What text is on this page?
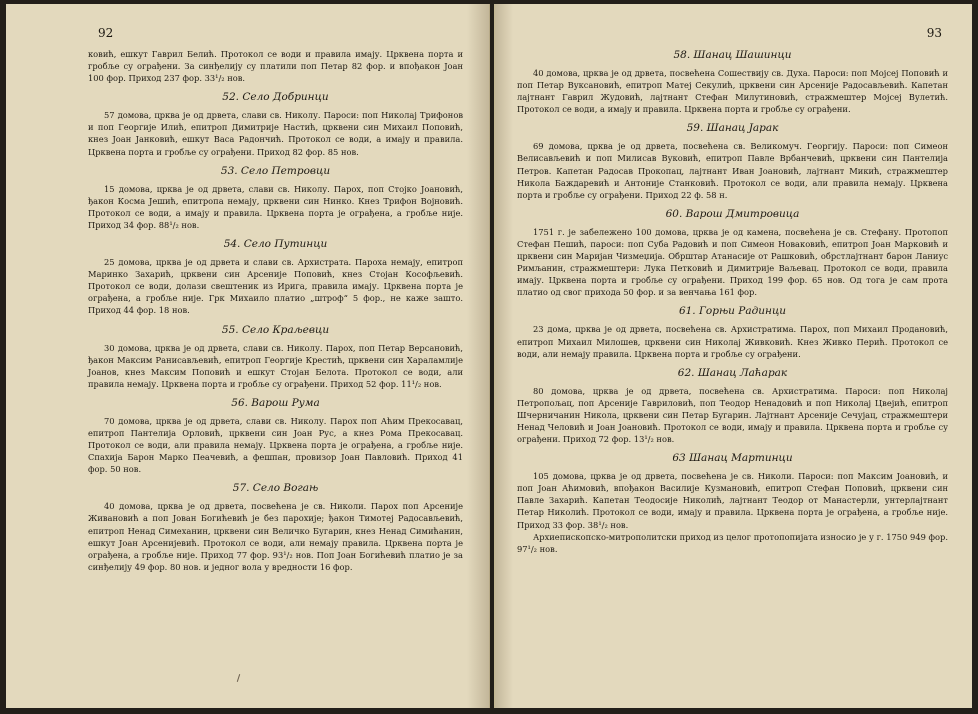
92

ковић, ешкут Гаврил Белић. Протокол се води и правила имају. Црквена порта и гробље су ограђени. За синђелију су платили поп Петар 82 фор. и впођакон Јоан 100 фор. Приход 237 фор. 33¹/₂ нов.

52. Село Добринци

57 домова, црква је од дрвета, слави св. Николу. Пароси: поп Николај Трифонов и поп Георгије Илић, епитроп Димитрије Настић, црквени син Михаил Поповић, кнез Јоан Јанковић, ешкут Васа Радончић. Протокол се води, а имају и правила. Црквена порта и гробље су ограђени. Приход 82 фор. 85 нов.

53. Село Петровци

15 домова, црква је од дрвета, слави св. Николу. Парох, поп Стојко Јоановић, ђакон Косма Јешић, епитропа немају, црквени син Нинко. Кнез Трифон Војновић. Протокол се води, а имају и правила. Црквена порта је ограђена, а гробље није. Приход 34 фор. 88¹/₂ нов.

54. Село Путинци

25 домова, црква је од дрвета и слави св. Архистрата. Пароха немају, епитроп Маринко Захарић, црквени син Арсеније Поповић, кнез Стојан Кософљевић. Протокол се води, долази свештеник из Ирига, правила имају. Црквена порта је ограђена, а гробље није. Грк Михаило платио „штроф“ 5 фор., не каже зашто. Приход 44 фор. 18 нов.

55. Село Краљевци

30 домова, црква је од дрвета, слави св. Николу. Парох, поп Петар Версановић, ђакон Максим Ранисављевић, епитроп Георгије Крестић, црквени син Хараламлије Јоанов, кнез Максим Поповић и ешкут Стојан Белота. Протокол се води, али правила немају. Црквена порта и гробље су ограђени. Приход 52 фор. 11¹/₂ нов.

56. Варош Рума

70 домова, црква је од дрвета, слави св. Николу. Парох поп Аћим Прекосавац, епитроп Пантелија Орловић, црквени син Јоан Рус, а кнез Рома Прекосавац. Протокол се води, али правила немају. Црквена порта је ограђена, а гробље није. Спахија Барон Марко Пеачевић, а фешпан, провизор Јоан Павловић. Приход 41 фор. 50 нов.

57. Село Вогањ

40 домова, црква је од дрвета, посвећена је св. Николи. Парох поп Арсеније Живановић а поп Јован Богићевић је без парохије; ђакон Тимотеј Радосављевић, епитроп Ненад Симеханин, црквени син Величко Бугарин, кнез Ненад Симићанин, ешкут Јоан Арсенијевић. Протокол се води, али немају правила. Црквена порта је ограђена, а гробље није. Приход 77 фор. 93¹/₂ нов. Поп Јоан Богићевић платио је за синђелију 49 фор. 80 нов. и једног вола у вредности 16 фор.

93
58. Шанац Шашинци

40 домова, црква је од дрвета, посвећена Сошествију св. Духа. Пароси: поп Мојсеј Поповић и поп Петар Вуксановић, епитроп Матеј Секулић, црквени син Арсеније Радосављевић. Капетан лајтнант Гаврил Жудовић, лајтнант Стефан Милутиновић, стражмештер Мојсеј Вулетић. Протокол се води, а имају и правила. Црквена порта и гробље су ограђени.

59. Шанац Јарак

69 домова, црква је од дрвета, посвећена св. Великомуч. Георгију. Пароси: поп Симеон Велисављевић и поп Милисав Вуковић, епитроп Павле Врбанчевић, црквени син Пантелија Петров. Капетан Радосав Прокопац, лајтнант Иван Јоановић, лајтнант Микић, стражмештер Никола Баждаревић и Антоније Станковић. Протокол се води, али правила немају. Црквена порта и гробље су ограђени. Приход 22 ф. 58 н.

60. Варош Дмитровица

1751 г. је забележено 100 домова, црква је од камена, посвећена је св. Стефану. Протопоп Стефан Пешић, пароси: поп Суба Радовић и поп Симеон Новаковић, епитроп Јоан Марковић и црквени син Маријан Чизмеџија. Обрштар Атанасије от Рашковић, обрстлајтнант барон Ланиус Римљанин, стражмештери: Лука Петковић и Димитрије Ваљевац. Протокол се води, правила имају. Црквена порта и гробље су ограђени. Приход 199 фор. 65 нов. Од тога је сам прота платио од свог прихода 50 фор. и за венчања 161 фор.

61. Горњи Радинци

23 дома, црква је од дрвета, посвећена св. Архистратима. Парох, поп Михаил Продановић, епитроп Михаил Милошев, црквени син Николај Живковић. Кнез Живко Перић. Протокол се води, али немају правила. Црквена порта и гробље су ограђени.

62. Шанац Лаћарак

80 домова, црква је од дрвета, посвећена св. Архистратима. Пароси: поп Николај Петропољац, поп Арсеније Гавриловић, поп Теодор Ненадовић и поп Николај Цвејић, епитроп Шчерничанин Никола, црквени син Петар Бугарин. Лајтнант Арсеније Сечујац, стражмештери Ненад Человић и Јоан Јоановић. Протокол се води, имају и правила. Црквена порта и гробље су ограђени. Приход 72 фор. 13¹/₂ нов.

63 Шанац Мартинци

105 домова, црква је од дрвета, посвећена је св. Николи. Пароси: поп Максим Јоановић, и поп Јоан Аћимовић, впођакон Василије Кузмановић, епитроп Стефан Поповић, црквени син Павле Захарић. Капетан Теодосије Николић, лајтнант Теодор от Манастерли, унтерлајтнант Петар Николић. Протокол се води, имају и правила. Црквена порта је ограђена, а гробље није. Приход 33 фор. 38¹/₂ нов.

Архиепископско-митрополитски приход из целог протопопијата износио је у г. 1750 949 фор. 97¹/₂ нов.
